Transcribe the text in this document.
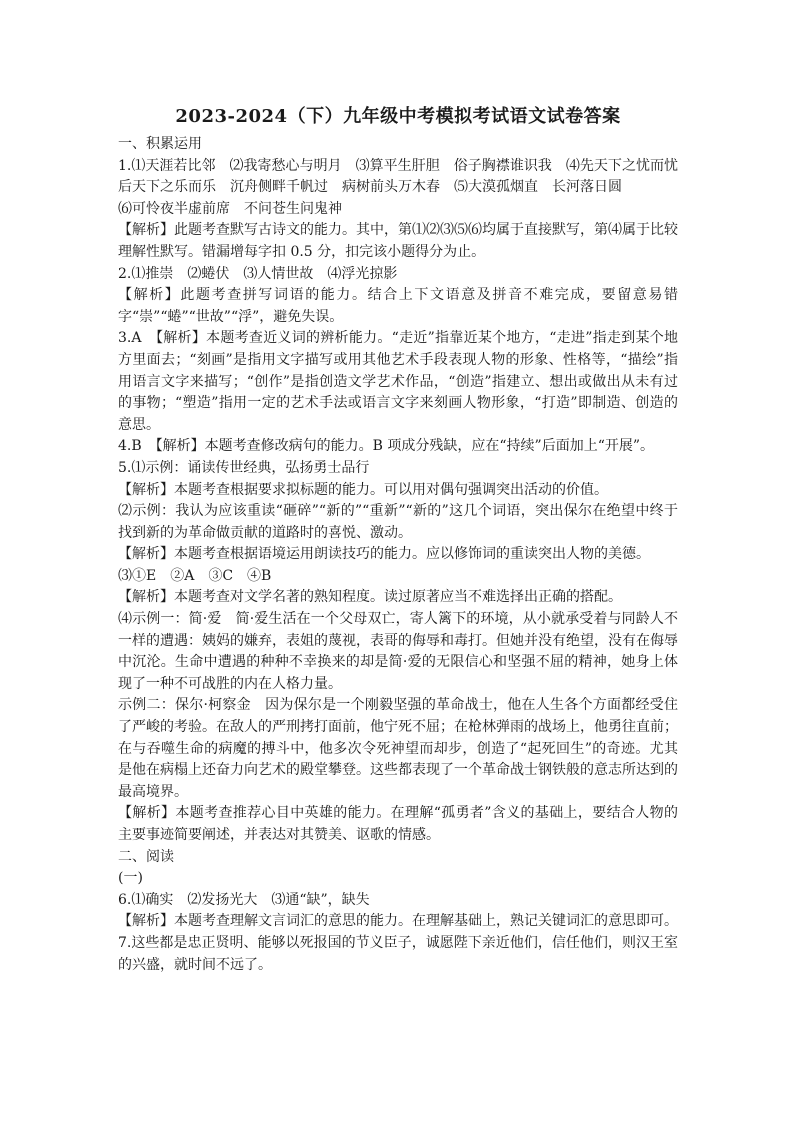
2023-2024（下）九年级中考模拟考试语文试卷答案

一、积累运用

1.⑴天涯若比邻　⑵我寄愁心与明月　⑶算平生肝胆　俗子胸襟谁识我　⑷先天下之忧而忧　后天下之乐而乐　沉舟侧畔千帆过　病树前头万木春　⑸大漠孤烟直　长河落日圆

⑹可怜夜半虚前席　不问苍生问鬼神

【解析】此题考查默写古诗文的能力。其中，第⑴⑵⑶⑸⑹均属于直接默写，第⑷属于比较理解性默写。错漏增每字扣 0.5 分，扣完该小题得分为止。

2.⑴推崇　⑵蜷伏　⑶人情世故　⑷浮光掠影

【解析】此题考查拼写词语的能力。结合上下文语意及拼音不难完成，要留意易错字“崇”“蜷”“世故”“浮”，避免失误。

3.A　【解析】本题考查近义词的辨析能力。“走近”指靠近某个地方，“走进”指走到某个地方里面去；“刻画”是指用文字描写或用其他艺术手段表现人物的形象、性格等，“描绘”指用语言文字来描写；“创作”是指创造文学艺术作品，“创造”指建立、想出或做出从未有过的事物；“塑造”指用一定的艺术手法或语言文字来刻画人物形象，“打造”即制造、创造的意思。

4.B　【解析】本题考查修改病句的能力。B 项成分残缺，应在“持续”后面加上“开展”。

5.⑴示例：诵读传世经典，弘扬勇士品行

【解析】本题考查根据要求拟标题的能力。可以用对偶句强调突出活动的价值。

⑵示例：我认为应该重读“砸碎”“新的”“重新”“新的”这几个词语，突出保尔在绝望中终于找到新的为革命做贡献的道路时的喜悦、激动。

【解析】本题考查根据语境运用朗读技巧的能力。应以修饰词的重读突出人物的美德。

⑶①E　②A　③C　④B

【解析】本题考查对文学名著的熟知程度。读过原著应当不难选择出正确的搭配。

⑷示例一：简·爱　简·爱生活在一个父母双亡，寄人篱下的环境，从小就承受着与同龄人不一样的遭遇：姨妈的嫌弃，表姐的蔑视，表哥的侮辱和毒打。但她并没有绝望，没有在侮辱中沉沦。生命中遭遇的种种不幸换来的却是简·爱的无限信心和坚强不屈的精神，她身上体现了一种不可战胜的内在人格力量。

示例二：保尔·柯察金　因为保尔是一个刚毅坚强的革命战士，他在人生各个方面都经受住了严峻的考验。在敌人的严刑拷打面前，他宁死不屈；在枪林弹雨的战场上，他勇往直前；在与吞噬生命的病魔的搏斗中，他多次令死神望而却步，创造了“起死回生”的奇迹。尤其是他在病榻上还奋力向艺术的殿堂攀登。这些都表现了一个革命战士钢铁般的意志所达到的最高境界。

【解析】本题考查推荐心目中英雄的能力。在理解“孤勇者”含义的基础上，要结合人物的主要事迹简要阐述，并表达对其赞美、讴歌的情感。

二、阅读

(一)

6.⑴确实　⑵发扬光大　⑶通“缺”，缺失

【解析】本题考查理解文言词汇的意思的能力。在理解基础上，熟记关键词汇的意思即可。

7.这些都是忠正贤明、能够以死报国的节义臣子，诚愿陛下亲近他们，信任他们，则汉王室的兴盛，就时间不远了。
